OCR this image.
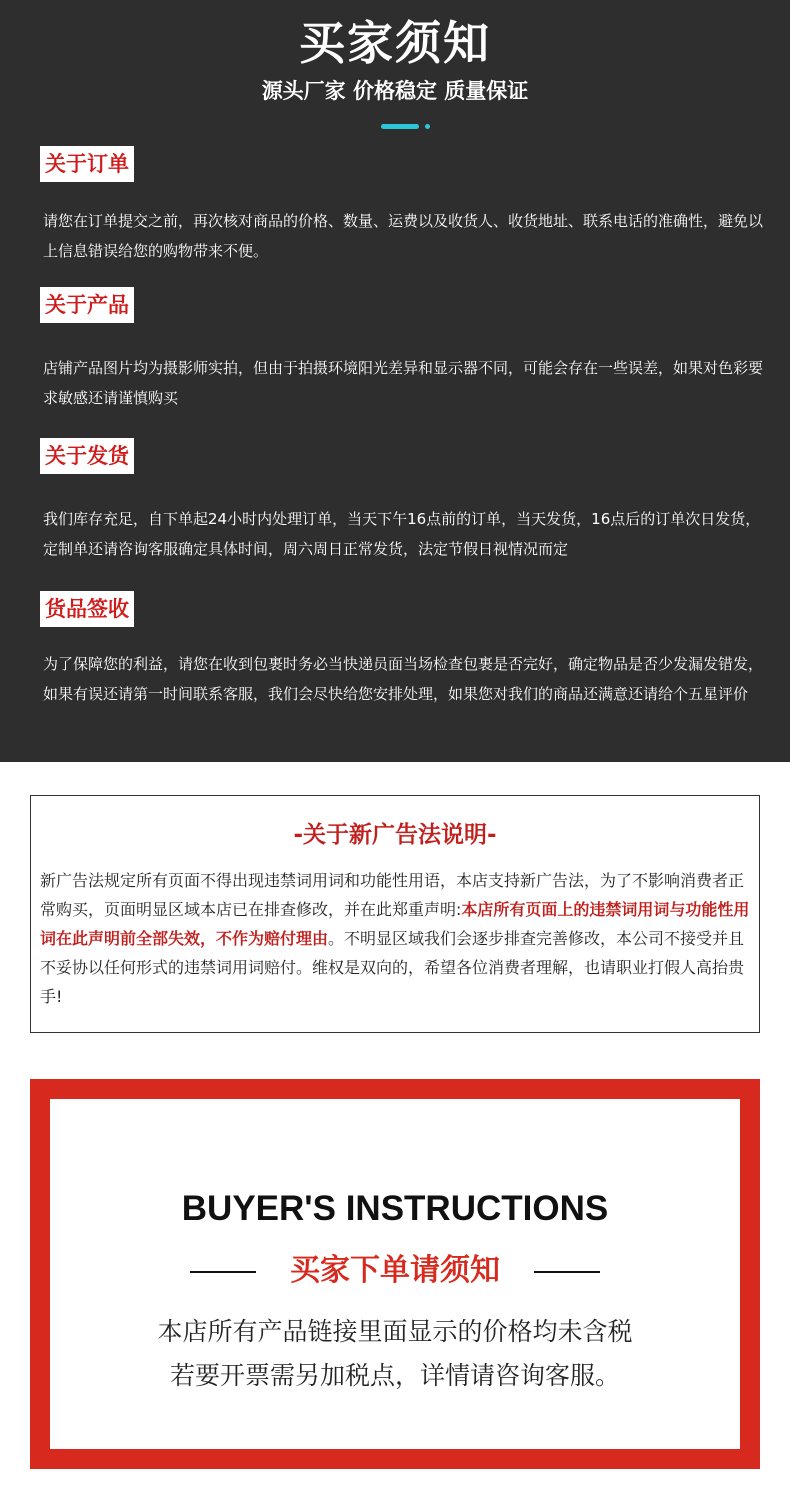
买家须知
源头厂家 价格稳定 质量保证
关于订单
请您在订单提交之前，再次核对商品的价格、数量、运费以及收货人、收货地址、联系电话的准确性，避免以上信息错误给您的购物带来不便。
关于产品
店铺产品图片均为摄影师实拍，但由于拍摄环境阳光差异和显示器不同，可能会存在一些误差，如果对色彩要求敏感还请谨慎购买
关于发货
我们库存充足，自下单起24小时内处理订单，当天下午16点前的订单，当天发货，16点后的订单次日发货，定制单还请咨询客服确定具体时间，周六周日正常发货，法定节假日视情况而定
货品签收
为了保障您的利益，请您在收到包裹时务必当快递员面当场检查包裹是否完好，确定物品是否少发漏发错发，如果有误还请第一时间联系客服，我们会尽快给您安排处理，如果您对我们的商品还满意还请给个五星评价
-关于新广告法说明-
新广告法规定所有页面不得出现违禁词用词和功能性用语，本店支持新广告法，为了不影响消费者正常购买，页面明显区域本店已在排查修改，并在此郑重声明:本店所有页面上的违禁词用词与功能性用词在此声明前全部失效，不作为赔付理由。不明显区域我们会逐步排查完善修改，本公司不接受并且不妥协以任何形式的违禁词用词赔付。维权是双向的，希望各位消费者理解，也请职业打假人高抬贵手!
BUYER'S INSTRUCTIONS
买家下单请须知
本店所有产品链接里面显示的价格均未含税
若要开票需另加税点，详情请咨询客服。
